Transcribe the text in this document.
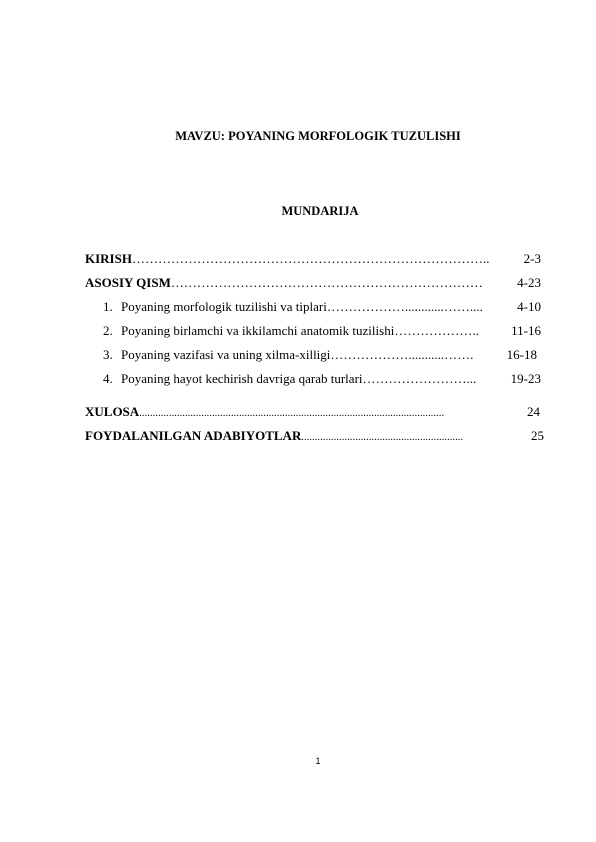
MAVZU: POYANING MORFOLOGIK TUZULISHI
MUNDARIJA
KIRISH ………………………………………………………………………..	2-3
ASOSIY QISM ………………………………………………………………	4-23
1. Poyaning morfologik tuzilishi va tiplari ………………............……....	4-10
2. Poyaning birlamchi va ikkilamchi anatomik tuzilishi ………………..	11-16
3. Poyaning vazifasi va uning xilma-xilligi ………………...........…….	16-18
4. Poyaning hayot kechirish davriga qarab turlari ……………………...	19-23
XULOSA .................................................................................................................	24
FOYDALANILGAN ADABIYOTLAR ............................................................	25
1
